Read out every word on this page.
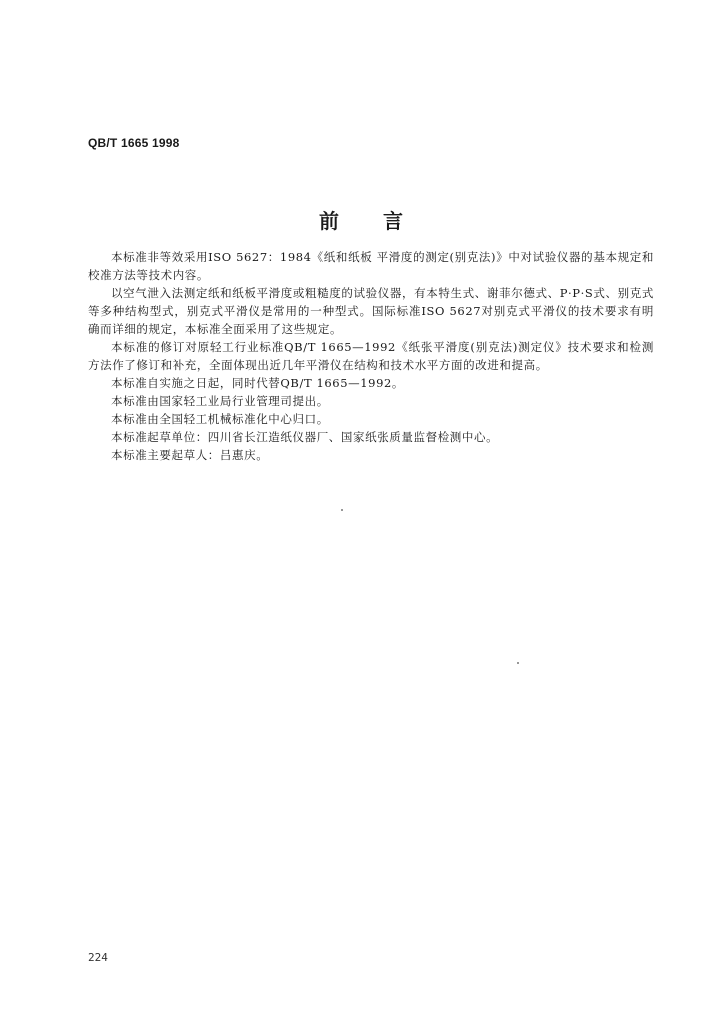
QB/T 1665 1998
前言

本标准非等效采用ISO 5627：1984《纸和纸板 平滑度的测定(别克法)》中对试验仪器的基本规定和校准方法等技术内容。

以空气泄入法测定纸和纸板平滑度或粗糙度的试验仪器，有本特生式、谢菲尔德式、P·P·S式、别克式等多种结构型式，别克式平滑仪是常用的一种型式。国际标准ISO 5627对别克式平滑仪的技术要求有明确而详细的规定，本标准全面采用了这些规定。

本标准的修订对原轻工行业标准QB/T 1665—1992《纸张平滑度(别克法)测定仪》技术要求和检测方法作了修订和补充，全面体现出近几年平滑仪在结构和技术水平方面的改进和提高。

本标准自实施之日起，同时代替QB/T 1665—1992。

本标准由国家轻工业局行业管理司提出。

本标准由全国轻工机械标准化中心归口。

本标准起草单位：四川省长江造纸仪器厂、国家纸张质量监督检测中心。

本标准主要起草人：吕惠庆。

224
